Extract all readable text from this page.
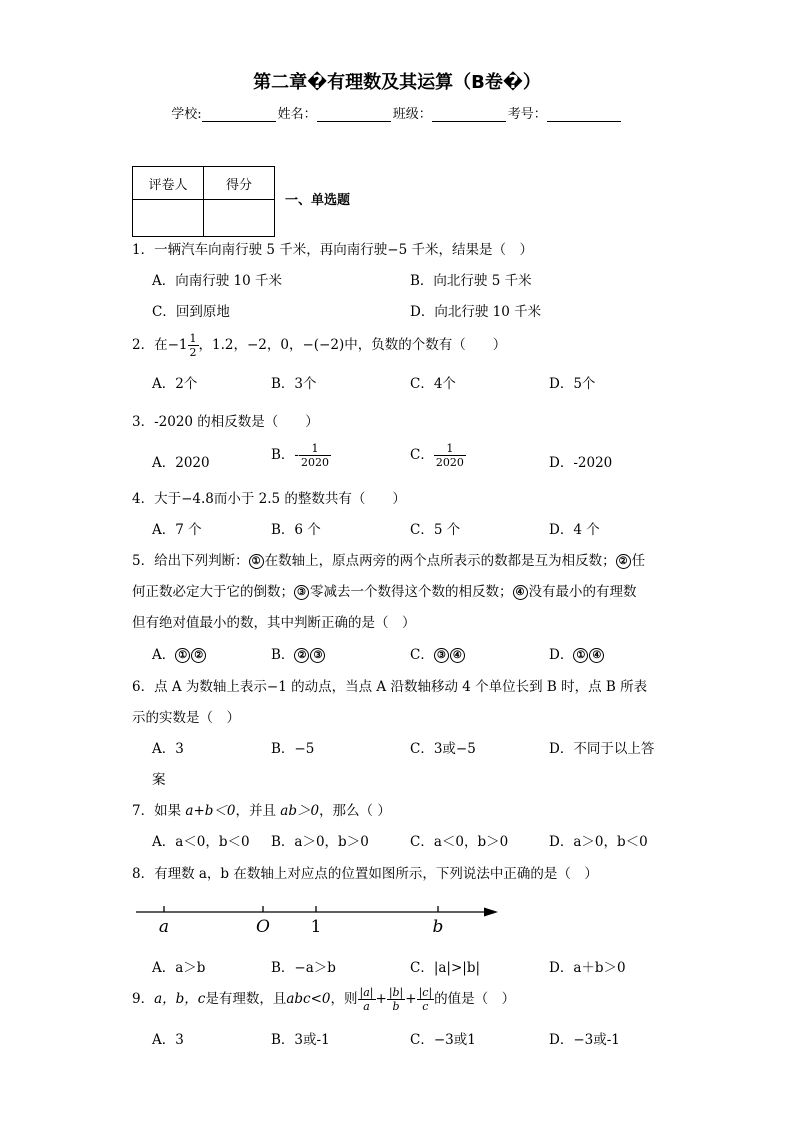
第二章�有理数及其运算（B卷�）
学校:	姓名：	班级：	考号：
评卷人	得分

一、单选题
1．一辆汽车向南行驶 5 千米，再向南行驶−5 千米，结果是（　）
A．向南行驶 10 千米	B．向北行驶 5 千米
C．回到原地	D．向北行驶 10 千米
2．在$-1 \frac{1}{2}$ ，1.2，−2，0，−(−2)中，负数的个数有（　　）
A．2个	B．3个	C．4个	D．5个
3．-2020 的相反数是（　　）
A．2020	B．- $\frac{1}{2020}$	C． $\frac{1}{2020}$	D．-2020
4．大于−4.8而小于 2.5 的整数共有（　　）
A．7 个	B．6 个	C．5 个	D．4 个
5．给出下列判断： ① 在数轴上，原点两旁的两个点所表示的数都是互为相反数； ② 任
何正数必定大于它的倒数； ③ 零减去一个数得这个数的相反数； ④ 没有最小的有理数
但有绝对值最小的数，其中判断正确的是（　）
A． ① ②	B． ② ③	C． ③ ④	D． ① ④
6．点 A 为数轴上表示−1 的动点，当点 A 沿数轴移动 4 个单位长到 B 时，点 B 所表
示的实数是（　）
A．3	B．−5	C．3或−5	D．不同于以上答
案
7．如果 a+b＜0，并且 ab＞0，那么（ ）
A．a＜0，b＜0 B．a＞0，b＞0	C．a＜0，b＞0	D．a＞0，b＜0
8．有理数 a，b 在数轴上对应点的位置如图所示，下列说法中正确的是（　）
a	O 1	b
A．a＞b	B．−a＞b	C．|a|>|b|	D．a＋b＞0
9．a，b，c是有理数，且abc<0，则 $\frac{|a|}{a} + \frac{|b|}{b} + \frac{|c|}{c}$ 的值是（　）
A．3	B．3或-1	C．−3或1	D．−3或-1
